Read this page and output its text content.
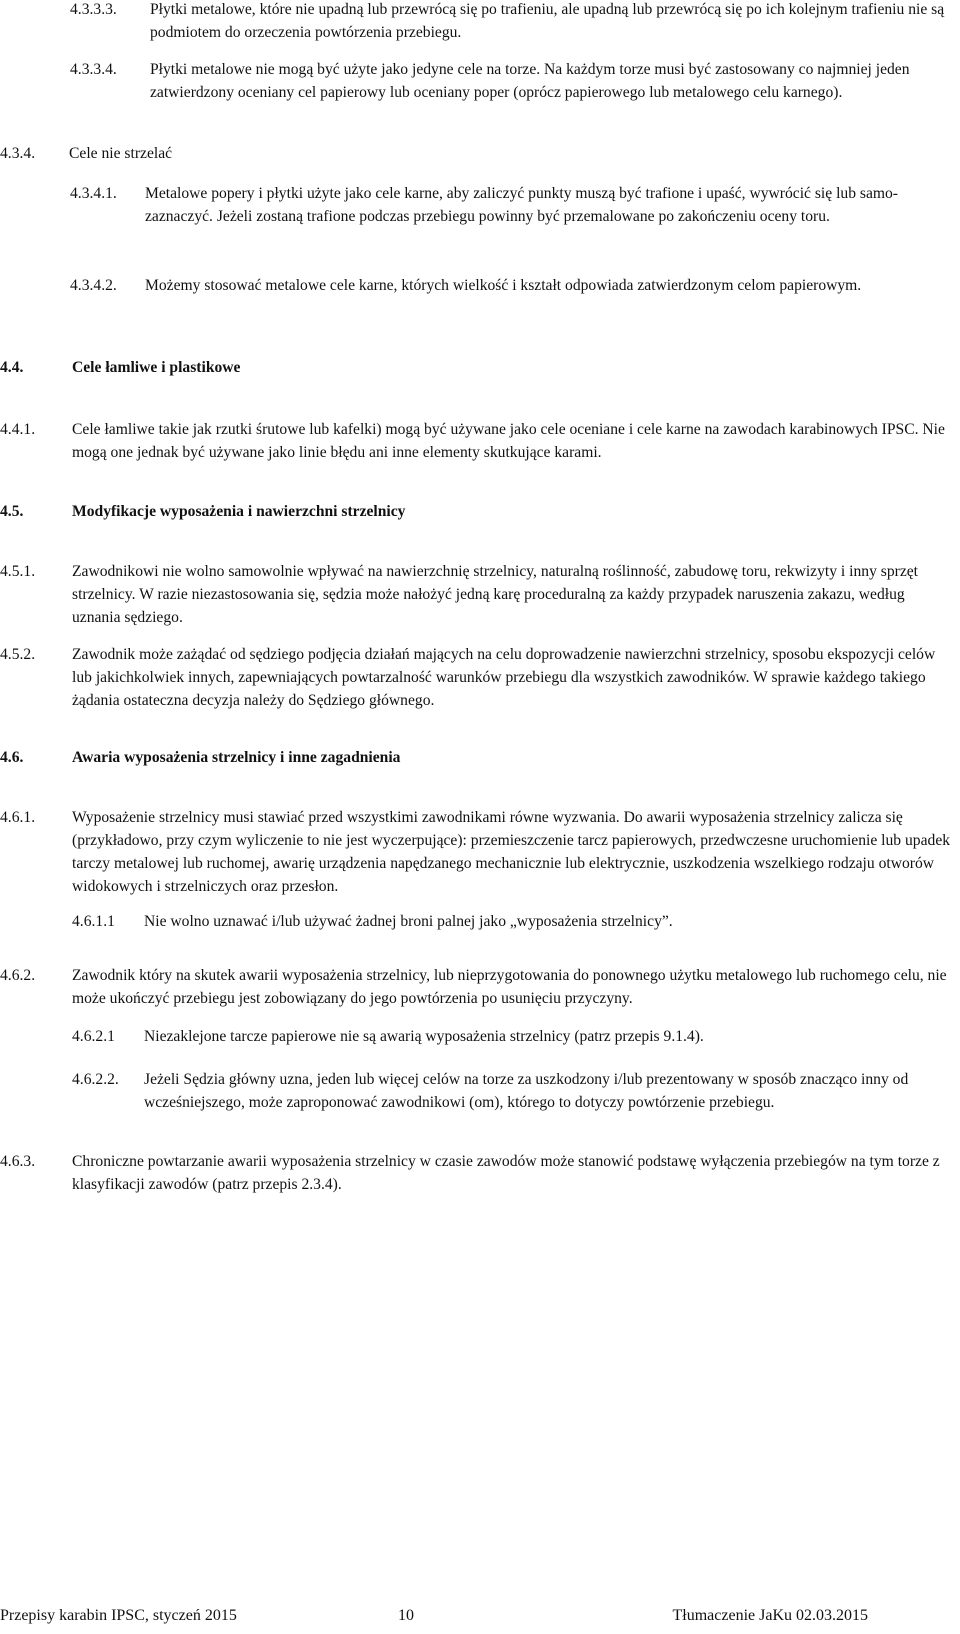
4.3.3.3. Płytki metalowe, które nie upadną lub przewrócą się po trafieniu, ale upadną lub przewrócą się po ich kolejnym trafieniu nie są podmiotem do orzeczenia powtórzenia przebiegu.
4.3.3.4. Płytki metalowe nie mogą być użyte jako jedyne cele na torze. Na każdym torze musi być zastosowany co najmniej jeden zatwierdzony oceniany cel papierowy lub oceniany poper (oprócz papierowego lub metalowego celu karnego).
4.3.4. Cele nie strzelać
4.3.4.1. Metalowe popery i płytki użyte jako cele karne, aby zaliczyć punkty muszą być trafione i upaść, wywrócić się lub samo-zaznaczyć. Jeżeli zostaną trafione podczas przebiegu powinny być przemalowane po zakończeniu oceny toru.
4.3.4.2. Możemy stosować metalowe cele karne, których wielkość i kształt odpowiada zatwierdzonym celom papierowym.
4.4.	Cele łamliwe i plastikowe
4.4.1. Cele łamliwe takie jak rzutki śrutowe lub kafelki) mogą być używane jako cele oceniane i cele karne na zawodach karabinowych IPSC. Nie mogą one jednak być używane jako linie błędu ani inne elementy skutkujące karami.
4.5.	Modyfikacje wyposażenia i nawierzchni strzelnicy
4.5.1. Zawodnikowi nie wolno samowolnie wpływać na nawierzchnię strzelnicy, naturalną roślinność, zabudowę toru, rekwizyty i inny sprzęt strzelnicy. W razie niezastosowania się, sędzia może nałożyć jedną karę proceduralną za każdy przypadek naruszenia zakazu, według uznania sędziego.
4.5.2. Zawodnik może zażądać od sędziego podjęcia działań mających na celu doprowadzenie nawierzchni strzelnicy, sposobu ekspozycji celów lub jakichkolwiek innych, zapewniających powtarzalność warunków przebiegu dla wszystkich zawodników. W sprawie każdego takiego żądania ostateczna decyzja należy do Sędziego głównego.
4.6.	Awaria wyposażenia strzelnicy i inne zagadnienia
4.6.1. Wyposażenie strzelnicy musi stawiać przed wszystkimi zawodnikami równe wyzwania. Do awarii wyposażenia strzelnicy zalicza się (przykładowo, przy czym wyliczenie to nie jest wyczerpujące): przemieszczenie tarcz papierowych, przedwczesne uruchomienie lub upadek tarczy metalowej lub ruchomej, awarię urządzenia napędzanego mechanicznie lub elektrycznie, uszkodzenia wszelkiego rodzaju otworów widokowych i strzelniczych oraz przesłon.
4.6.1.1 Nie wolno uznawać i/lub używać żadnej broni palnej jako „wyposażenia strzelnicy”.
4.6.2. Zawodnik który na skutek awarii wyposażenia strzelnicy, lub nieprzygotowania do ponownego użytku metalowego lub ruchomego celu, nie może ukończyć przebiegu jest zobowiązany do jego powtórzenia po usunięciu przyczyny.
4.6.2.1 Niezaklejone tarcze papierowe nie są awarią wyposażenia strzelnicy (patrz przepis 9.1.4).
4.6.2.2. Jeżeli Sędzia główny uzna, jeden lub więcej celów na torze za uszkodzony i/lub prezentowany w sposób znacząco inny od wcześniejszego, może zaproponować zawodnikowi (om), którego to dotyczy powtórzenie przebiegu.
4.6.3. Chroniczne powtarzanie awarii wyposażenia strzelnicy w czasie zawodów może stanowić podstawę wyłączenia przebiegów na tym torze z klasyfikacji zawodów (patrz przepis 2.3.4).
Przepisy karabin IPSC, styczeń 2015	10	Tłumaczenie JaKu 02.03.2015
